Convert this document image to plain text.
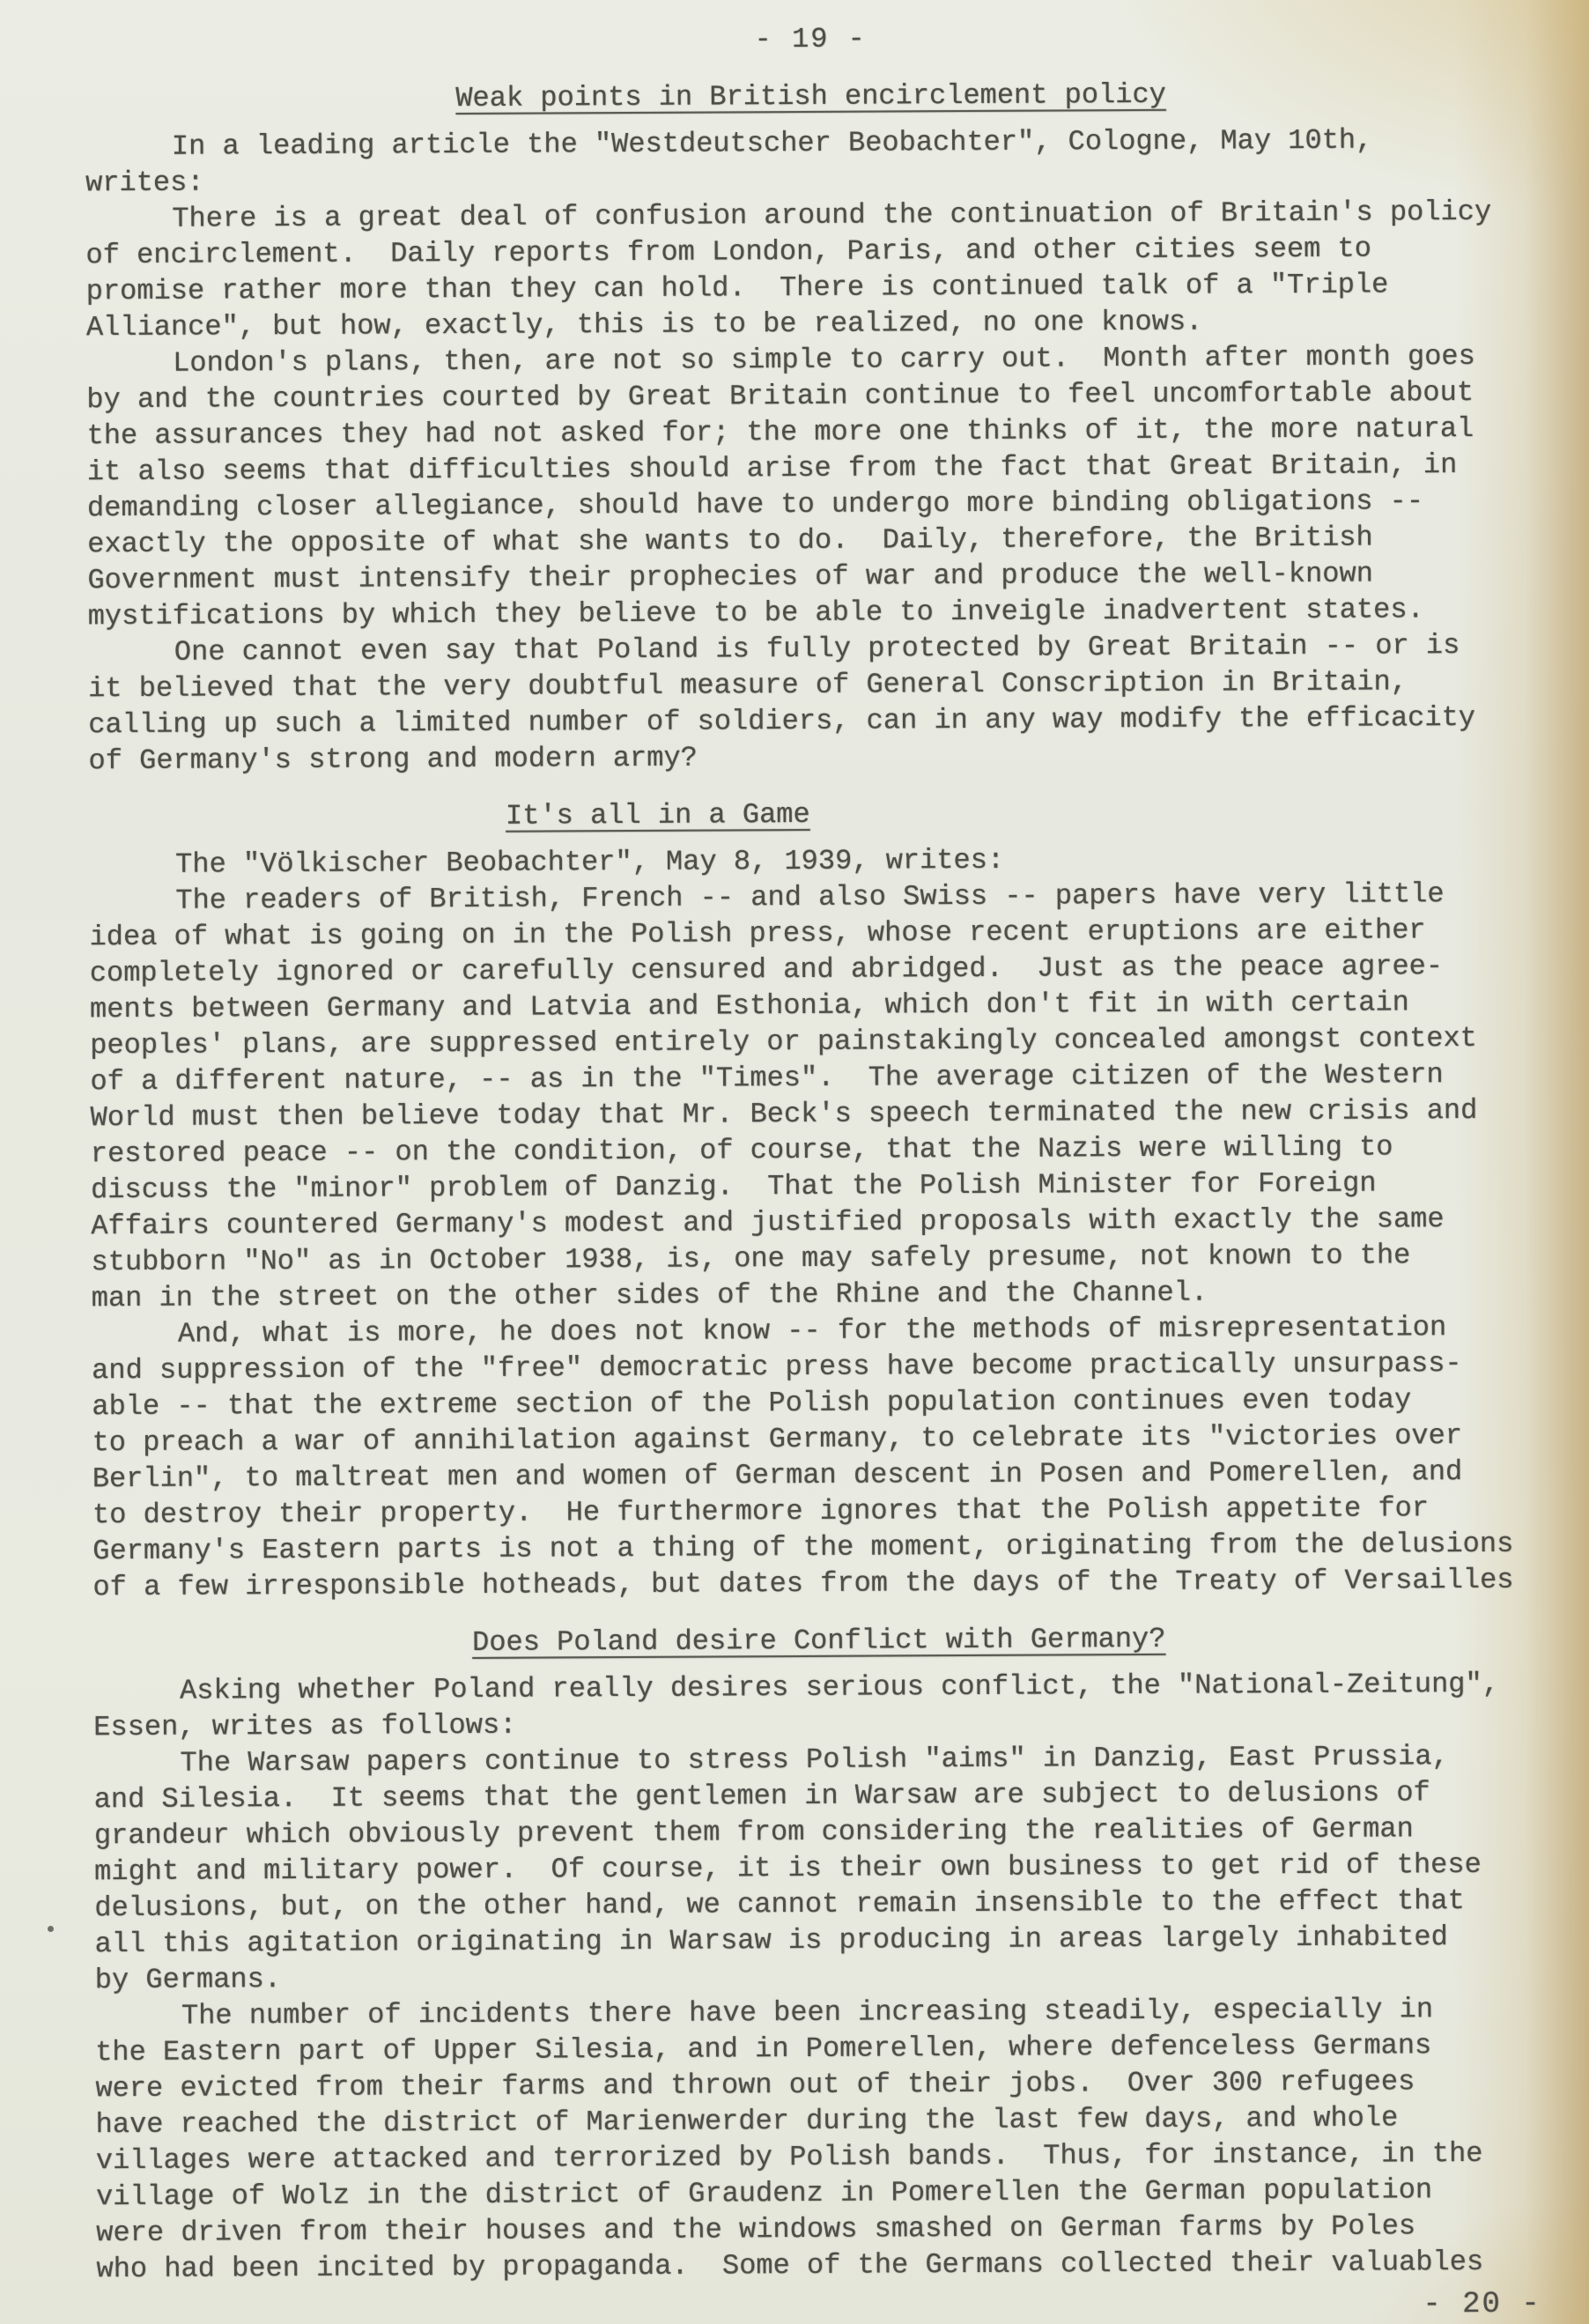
- 19 -
Weak points in British encirclement policy
In a leading article the "Westdeutscher Beobachter", Cologne, May 10th,
writes:
There is a great deal of confusion around the continuation of Britain's policy
of encirclement.  Daily reports from London, Paris, and other cities seem to
promise rather more than they can hold.  There is continued talk of a "Triple
Alliance", but how, exactly, this is to be realized, no one knows.
London's plans, then, are not so simple to carry out.  Month after month goes
by and the countries courted by Great Britain continue to feel uncomfortable about
the assurances they had not asked for; the more one thinks of it, the more natural
it also seems that difficulties should arise from the fact that Great Britain, in
demanding closer allegiance, should have to undergo more binding obligations --
exactly the opposite of what she wants to do.  Daily, therefore, the British
Government must intensify their prophecies of war and produce the well-known
mystifications by which they believe to be able to inveigle inadvertent states.
One cannot even say that Poland is fully protected by Great Britain -- or is
it believed that the very doubtful measure of General Conscription in Britain,
calling up such a limited number of soldiers, can in any way modify the efficacity
of Germany's strong and modern army?
It's all in a Game
The "Völkischer Beobachter", May 8, 1939, writes:
The readers of British, French -- and also Swiss -- papers have very little
idea of what is going on in the Polish press, whose recent eruptions are either
completely ignored or carefully censured and abridged.  Just as the peace agree-
ments between Germany and Latvia and Esthonia, which don't fit in with certain
peoples' plans, are suppressed entirely or painstakingly concealed amongst context
of a different nature, -- as in the "Times".  The average citizen of the Western
World must then believe today that Mr. Beck's speech terminated the new crisis and
restored peace -- on the condition, of course, that the Nazis were willing to
discuss the "minor" problem of Danzig.  That the Polish Minister for Foreign
Affairs countered Germany's modest and justified proposals with exactly the same
stubborn "No" as in October 1938, is, one may safely presume, not known to the
man in the street on the other sides of the Rhine and the Channel.
And, what is more, he does not know -- for the methods of misrepresentation
and suppression of the "free" democratic press have become practically unsurpass-
able -- that the extreme section of the Polish population continues even today
to preach a war of annihilation against Germany, to celebrate its "victories over
Berlin", to maltreat men and women of German descent in Posen and Pomerellen, and
to destroy their property.  He furthermore ignores that the Polish appetite for
Germany's Eastern parts is not a thing of the moment, originating from the delusions
of a few irresponsible hotheads, but dates from the days of the Treaty of Versailles
Does Poland desire Conflict with Germany?
Asking whether Poland really desires serious conflict, the "National-Zeitung",
Essen, writes as follows:
The Warsaw papers continue to stress Polish "aims" in Danzig, East Prussia,
and Silesia.  It seems that the gentlemen in Warsaw are subject to delusions of
grandeur which obviously prevent them from considering the realities of German
might and military power.  Of course, it is their own business to get rid of these
delusions, but, on the other hand, we cannot remain insensible to the effect that
all this agitation originating in Warsaw is producing in areas largely inhabited
by Germans.
The number of incidents there have been increasing steadily, especially in
the Eastern part of Upper Silesia, and in Pomerellen, where defenceless Germans
were evicted from their farms and thrown out of their jobs.  Over 300 refugees
have reached the district of Marienwerder during the last few days, and whole
villages were attacked and terrorized by Polish bands.  Thus, for instance, in the
village of Wolz in the district of Graudenz in Pomerellen the German population
were driven from their houses and the windows smashed on German farms by Poles
who had been incited by propaganda.  Some of the Germans collected their valuables
- 20 -
